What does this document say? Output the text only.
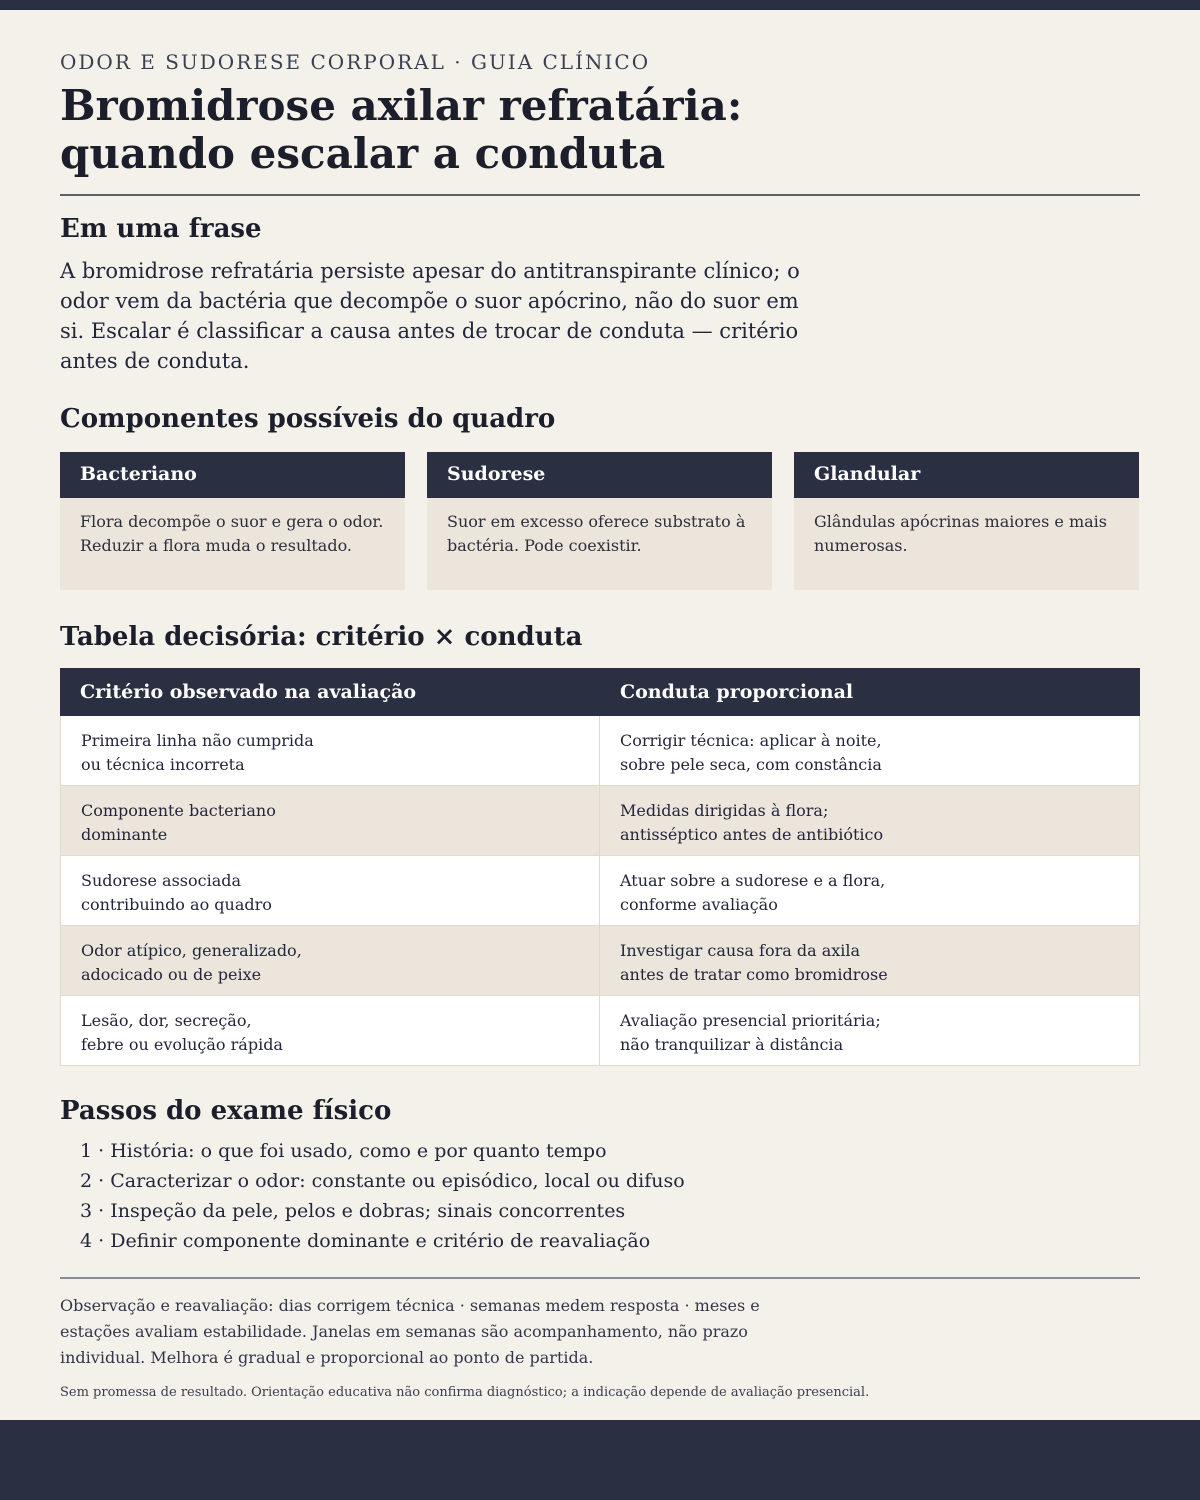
ODOR E SUDORESE CORPORAL · GUIA CLÍNICO
Bromidrose axilar refratária:
quando escalar a conduta
Em uma frase

A bromidrose refratária persiste apesar do antitranspirante clínico; o odor vem da bactéria que decompõe o suor apócrino, não do suor em si. Escalar é classificar a causa antes de trocar de conduta — critério antes de conduta.

Componentes possíveis do quadro
Bacteriano
Flora decompõe o suor e gera o odor. Reduzir a flora muda o resultado.
Sudorese
Suor em excesso oferece substrato à bactéria. Pode coexistir.
Glandular
Glândulas apócrinas maiores e mais numerosas.
Tabela decisória: critério × conduta
Critério observado na avaliação	Conduta proporcional
Primeira linha não cumprida
ou técnica incorreta
Corrigir técnica: aplicar à noite,
sobre pele seca, com constância
Componente bacteriano
dominante
Medidas dirigidas à flora;
antisséptico antes de antibiótico
Sudorese associada
contribuindo ao quadro
Atuar sobre a sudorese e a flora,
conforme avaliação
Odor atípico, generalizado,
adocicado ou de peixe
Investigar causa fora da axila
antes de tratar como bromidrose
Lesão, dor, secreção,
febre ou evolução rápida
Avaliação presencial prioritária;
não tranquilizar à distância
Passos do exame físico
1 · História: o que foi usado, como e por quanto tempo
2 · Caracterizar o odor: constante ou episódico, local ou difuso
3 · Inspeção da pele, pelos e dobras; sinais concorrentes
4 · Definir componente dominante e critério de reavaliação

Observação e reavaliação: dias corrigem técnica · semanas medem resposta · meses e estações avaliam estabilidade. Janelas em semanas são acompanhamento, não prazo individual. Melhora é gradual e proporcional ao ponto de partida.

Sem promessa de resultado. Orientação educativa não confirma diagnóstico; a indicação depende de avaliação presencial.
